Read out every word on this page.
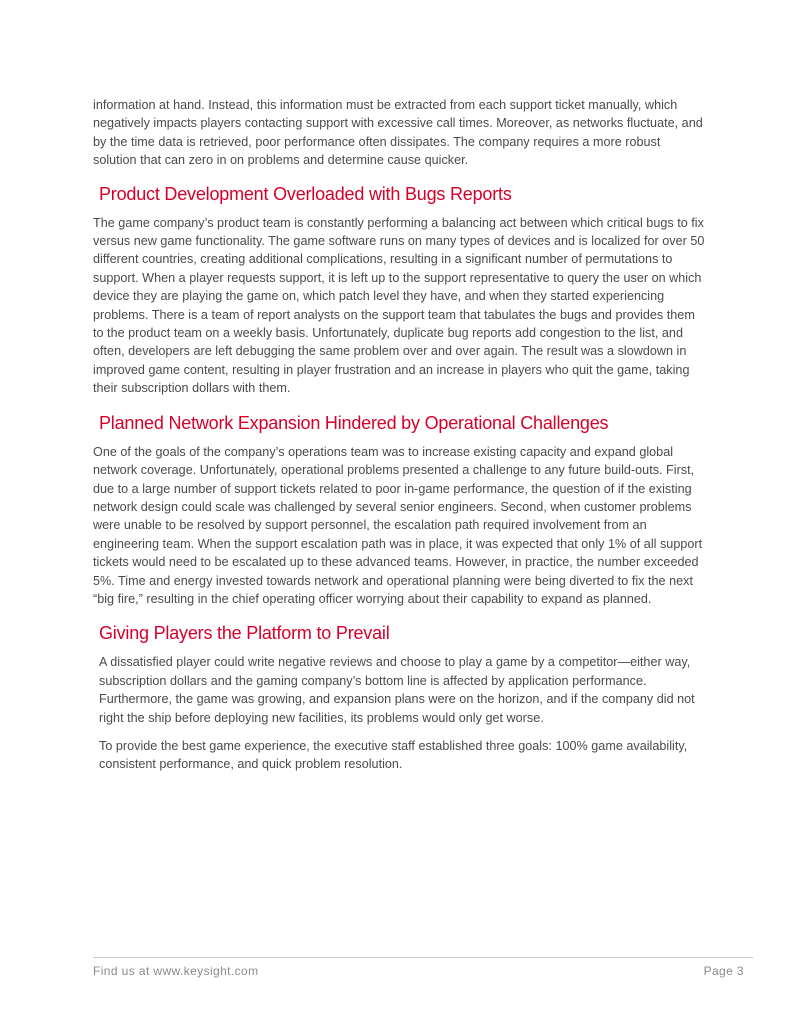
information at hand. Instead, this information must be extracted from each support ticket manually, which negatively impacts players contacting support with excessive call times. Moreover, as networks fluctuate, and by the time data is retrieved, poor performance often dissipates. The company requires a more robust solution that can zero in on problems and determine cause quicker.

Product Development Overloaded with Bugs Reports

The game company’s product team is constantly performing a balancing act between which critical bugs to fix versus new game functionality. The game software runs on many types of devices and is localized for over 50 different countries, creating additional complications, resulting in a significant number of permutations to support. When a player requests support, it is left up to the support representative to query the user on which device they are playing the game on, which patch level they have, and when they started experiencing problems. There is a team of report analysts on the support team that tabulates the bugs and provides them to the product team on a weekly basis. Unfortunately, duplicate bug reports add congestion to the list, and often, developers are left debugging the same problem over and over again. The result was a slowdown in improved game content, resulting in player frustration and an increase in players who quit the game, taking their subscription dollars with them.

Planned Network Expansion Hindered by Operational Challenges

One of the goals of the company’s operations team was to increase existing capacity and expand global network coverage. Unfortunately, operational problems presented a challenge to any future build-outs. First, due to a large number of support tickets related to poor in-game performance, the question of if the existing network design could scale was challenged by several senior engineers. Second, when customer problems were unable to be resolved by support personnel, the escalation path required involvement from an engineering team. When the support escalation path was in place, it was expected that only 1% of all support tickets would need to be escalated up to these advanced teams. However, in practice, the number exceeded 5%. Time and energy invested towards network and operational planning were being diverted to fix the next “big fire,” resulting in the chief operating officer worrying about their capability to expand as planned.

Giving Players the Platform to Prevail

A dissatisfied player could write negative reviews and choose to play a game by a competitor—either way, subscription dollars and the gaming company’s bottom line is affected by application performance. Furthermore, the game was growing, and expansion plans were on the horizon, and if the company did not right the ship before deploying new facilities, its problems would only get worse.

To provide the best game experience, the executive staff established three goals: 100% game availability, consistent performance, and quick problem resolution.

Find us at www.keysight.com	Page 3
